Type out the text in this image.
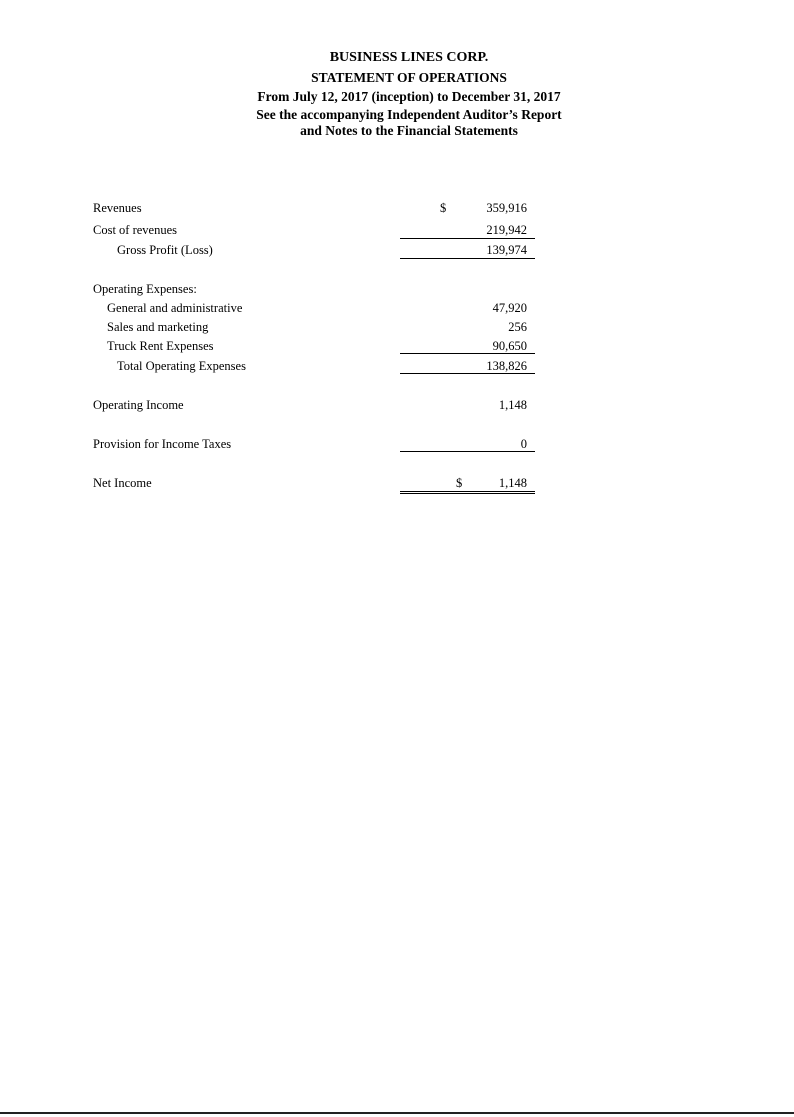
BUSINESS LINES CORP.
STATEMENT OF OPERATIONS
From July 12, 2017 (inception) to December 31, 2017
See the accompanying Independent Auditor’s Report
and Notes to the Financial Statements
Revenues	$	359,916
Cost of revenues	219,942
Gross Profit (Loss)	139,974
Operating Expenses:
General and administrative	47,920
Sales and marketing	256
Truck Rent Expenses	90,650
Total Operating Expenses	138,826
Operating Income	1,148
Provision for Income Taxes	0
Net Income	$	1,148
